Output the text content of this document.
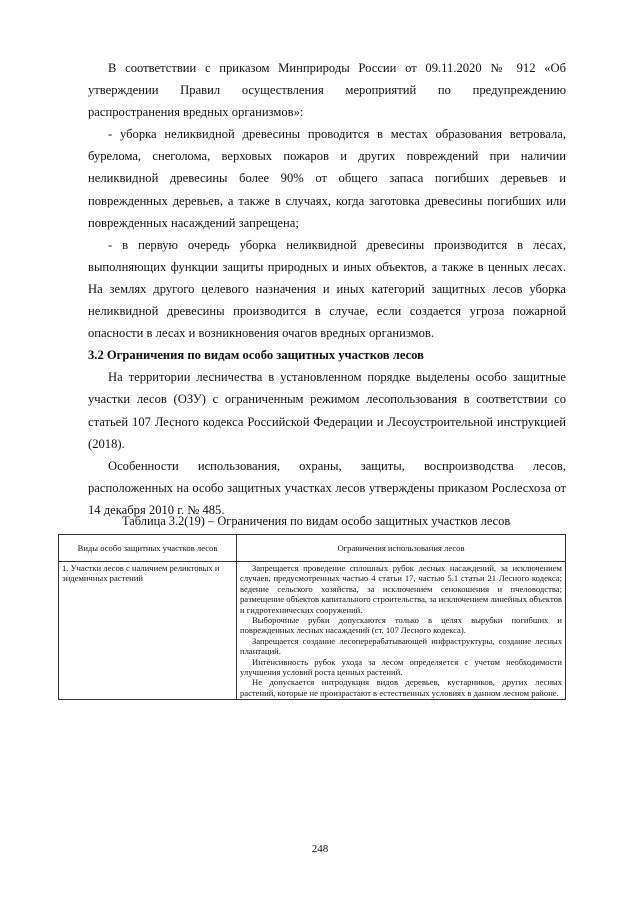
В соответствии с приказом Минприроды России от 09.11.2020 № 912 «Об утверждении Правил осуществления мероприятий по предупреждению распространения вредных организмов»:

- уборка неликвидной древесины проводится в местах образования ветровала, бурелома, снеголома, верховых пожаров и других повреждений при наличии неликвидной древесины более 90% от общего запаса погибших деревьев и поврежденных деревьев, а также в случаях, когда заготовка древесины погибших или поврежденных насаждений запрещена;

- в первую очередь уборка неликвидной древесины производится в лесах, выполняющих функции защиты природных и иных объектов, а также в ценных лесах. На землях другого целевого назначения и иных категорий защитных лесов уборка неликвидной древесины производится в случае, если создается угроза пожарной опасности в лесах и возникновения очагов вредных организмов.

3.2 Ограничения по видам особо защитных участков лесов

На территории лесничества в установленном порядке выделены особо защитные участки лесов (ОЗУ) с ограниченным режимом лесопользования в соответствии со статьей 107 Лесного кодекса Российской Федерации и Лесоустроительной инструкцией (2018).

Особенности использования, охраны, защиты, воспроизводства лесов, расположенных на особо защитных участках лесов утверждены приказом Рослесхоза от 14 декабря 2010 г. № 485.

Таблица 3.2(19) – Ограничения по видам особо защитных участков лесов
Виды особо защитных участков лесов	Ограничения использования лесов

1. Участки лесов с наличием реликтовых и эндемичных растений	Запрещается проведение сплошных рубок лесных насаждений, за исключением случаев, предусмотренных частью 4 статьи 17, частью 5.1 статьи 21 Лесного кодекса; ведение сельского хозяйства, за исключением сенокошения и пчеловодства; размещение объектов капитального строительства, за исключением линейных объектов и гидротехнических сооружений.

Выборочные рубки допускаются только в целях вырубки погибших и поврежденных лесных насаждений (ст. 107 Лесного кодекса).

Запрещается создание лесоперерабатывающей инфраструктуры, создание лесных плантаций.

Интенсивность рубок ухода за лесом определяется с учетом необходимости улучшения условий роста ценных растений.

Не допускается интродукция видов деревьев, кустарников, других лесных растений, которые не произрастают в естественных условиях в данном лесном районе.

248
